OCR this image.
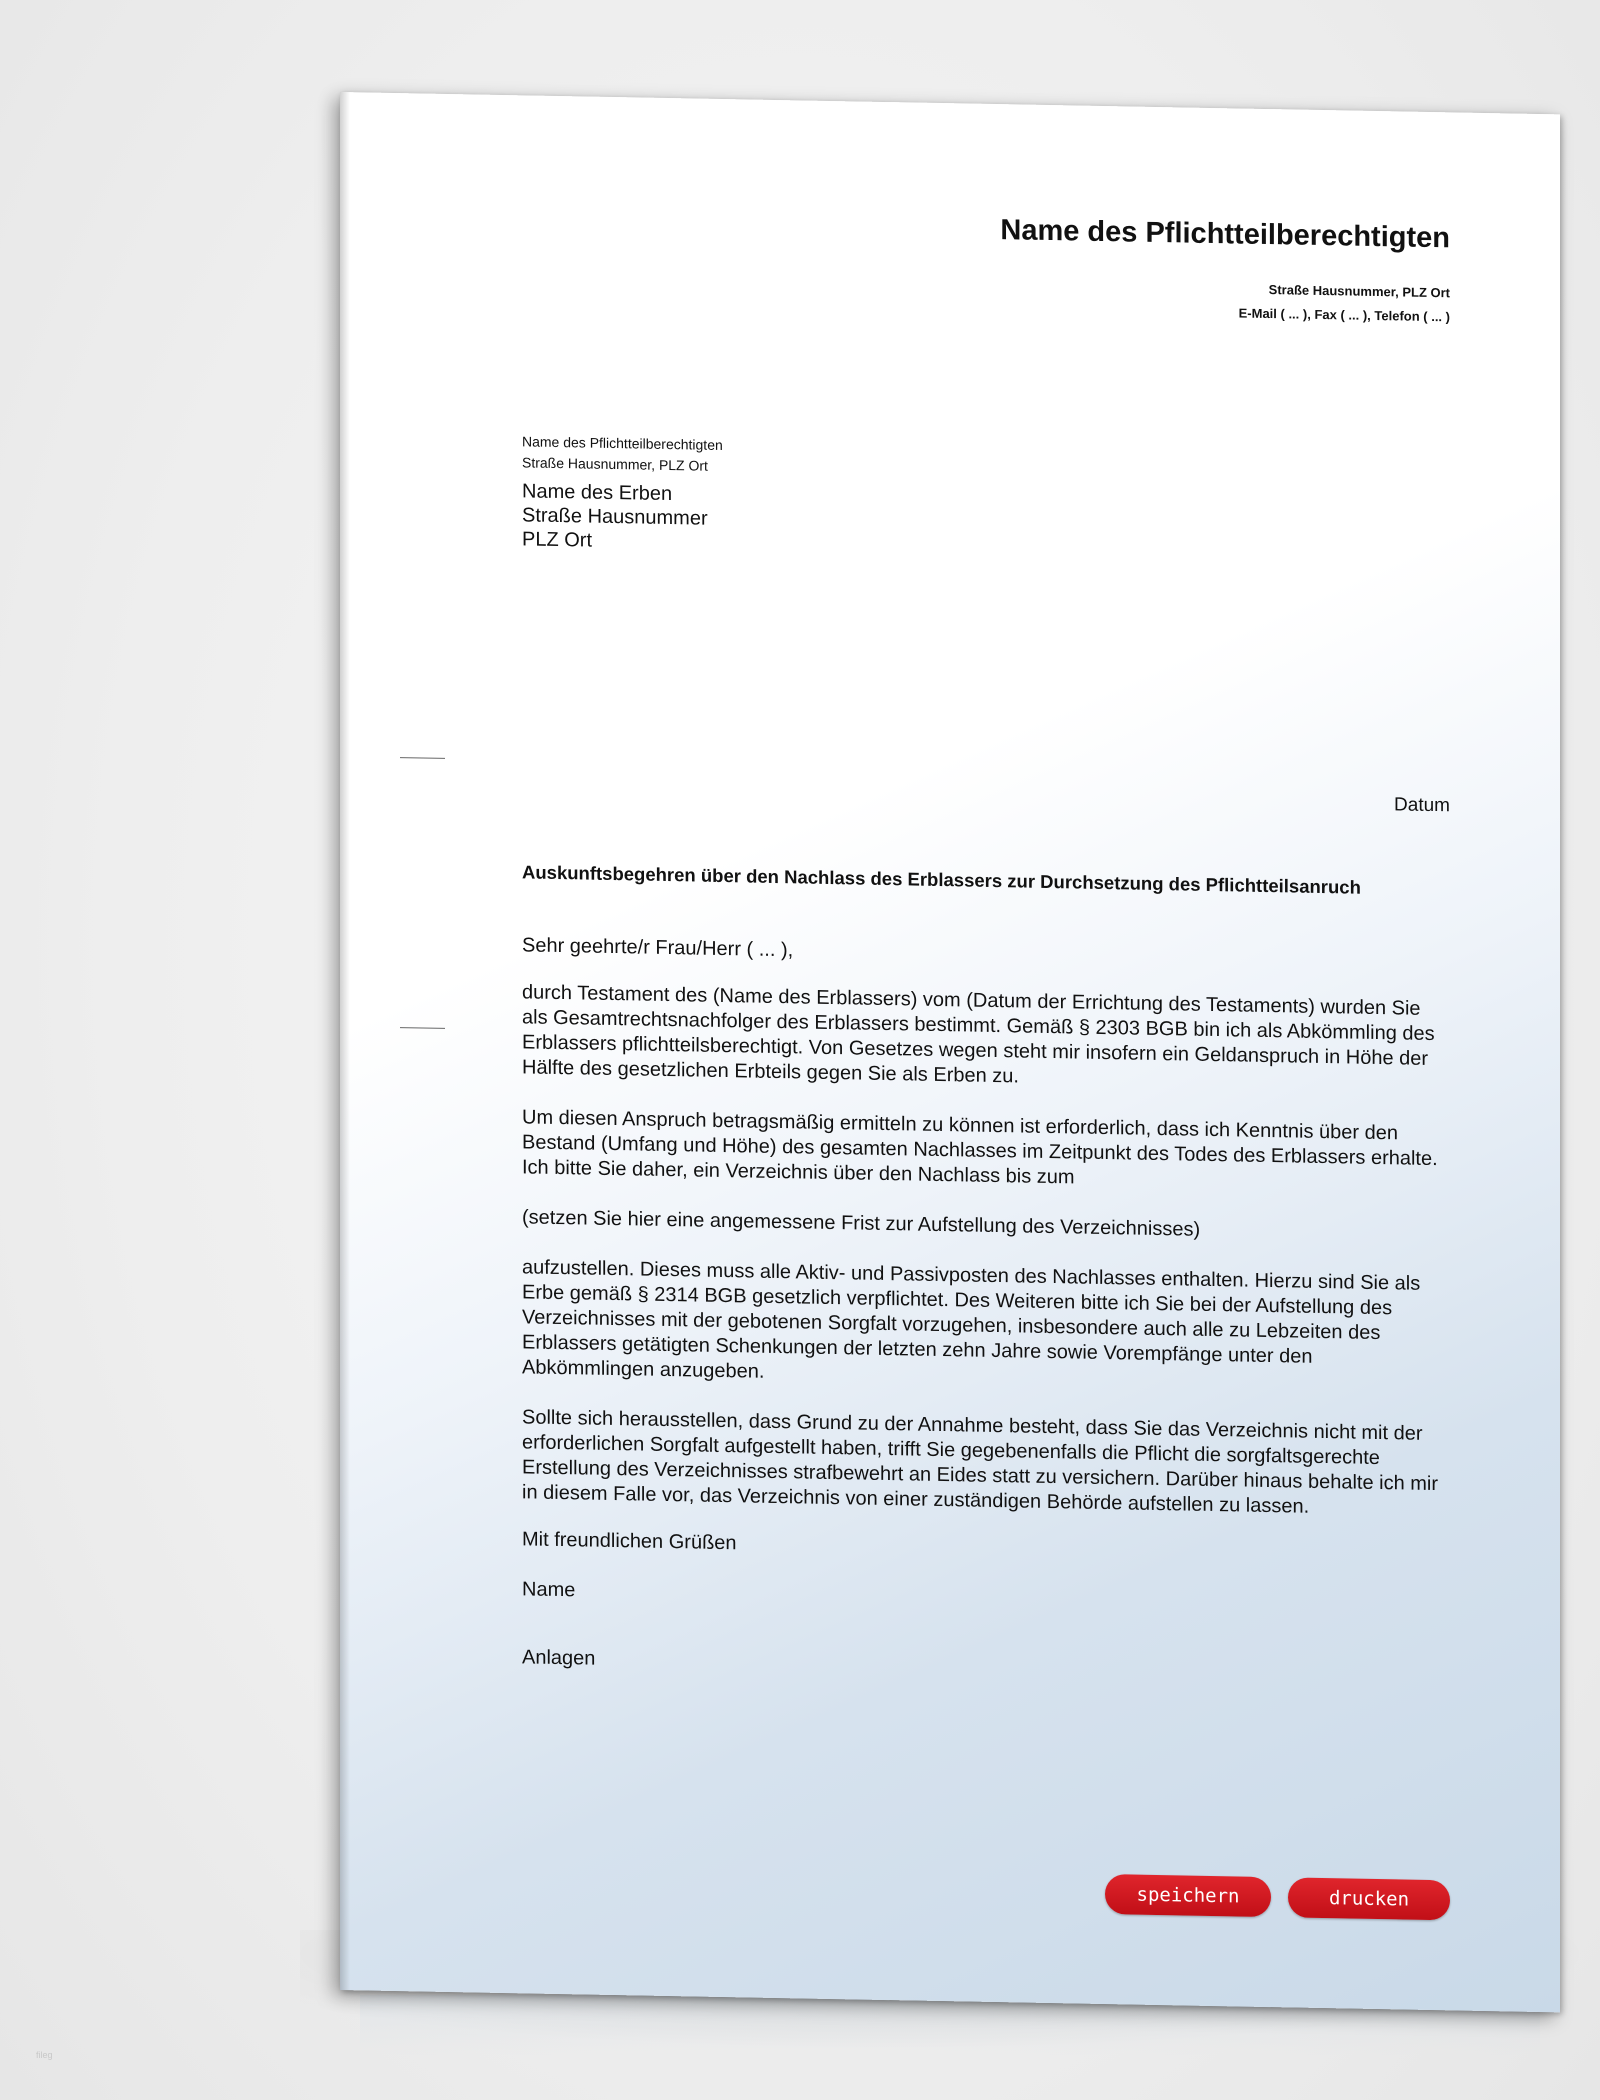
Name des Pflichtteilberechtigten
Straße Hausnummer, PLZ Ort
E-Mail ( ... ), Fax ( ... ), Telefon ( ... )
Name des Pflichtteilberechtigten
Straße Hausnummer, PLZ Ort
Name des Erben
Straße Hausnummer
PLZ Ort
Datum
Auskunftsbegehren über den Nachlass des Erblassers zur Durchsetzung des Pflichtteilsanruch

Sehr geehrte/r Frau/Herr ( ... ),

durch Testament des (Name des Erblassers) vom (Datum der Errichtung des Testaments) wurden Sie als Gesamtrechtsnachfolger des Erblassers bestimmt. Gemäß § 2303 BGB bin ich als Abkömmling des Erblassers pflichtteilsberechtigt. Von Gesetzes wegen steht mir insofern ein Geldanspruch in Höhe der Hälfte des gesetzlichen Erbteils gegen Sie als Erben zu.

Um diesen Anspruch betragsmäßig ermitteln zu können ist erforderlich, dass ich Kenntnis über den Bestand (Umfang und Höhe) des gesamten Nachlasses im Zeitpunkt des Todes des Erblassers erhalte. Ich bitte Sie daher, ein Verzeichnis über den Nachlass bis zum

(setzen Sie hier eine angemessene Frist zur Aufstellung des Verzeichnisses)

aufzustellen. Dieses muss alle Aktiv- und Passivposten des Nachlasses enthalten. Hierzu sind Sie als Erbe gemäß § 2314 BGB gesetzlich verpflichtet. Des Weiteren bitte ich Sie bei der Aufstellung des Verzeichnisses mit der gebotenen Sorgfalt vorzugehen, insbesondere auch alle zu Lebzeiten des Erblassers getätigten Schenkungen der letzten zehn Jahre sowie Vorempfänge unter den Abkömmlingen anzugeben.

Sollte sich herausstellen, dass Grund zu der Annahme besteht, dass Sie das Verzeichnis nicht mit der erforderlichen Sorgfalt aufgestellt haben, trifft Sie gegebenenfalls die Pflicht die sorgfaltsgerechte Erstellung des Verzeichnisses strafbewehrt an Eides statt zu versichern. Darüber hinaus behalte ich mir in diesem Falle vor, das Verzeichnis von einer zuständigen Behörde aufstellen zu lassen.

Mit freundlichen Grüßen

Name

Anlagen

speichern	drucken
fileg
